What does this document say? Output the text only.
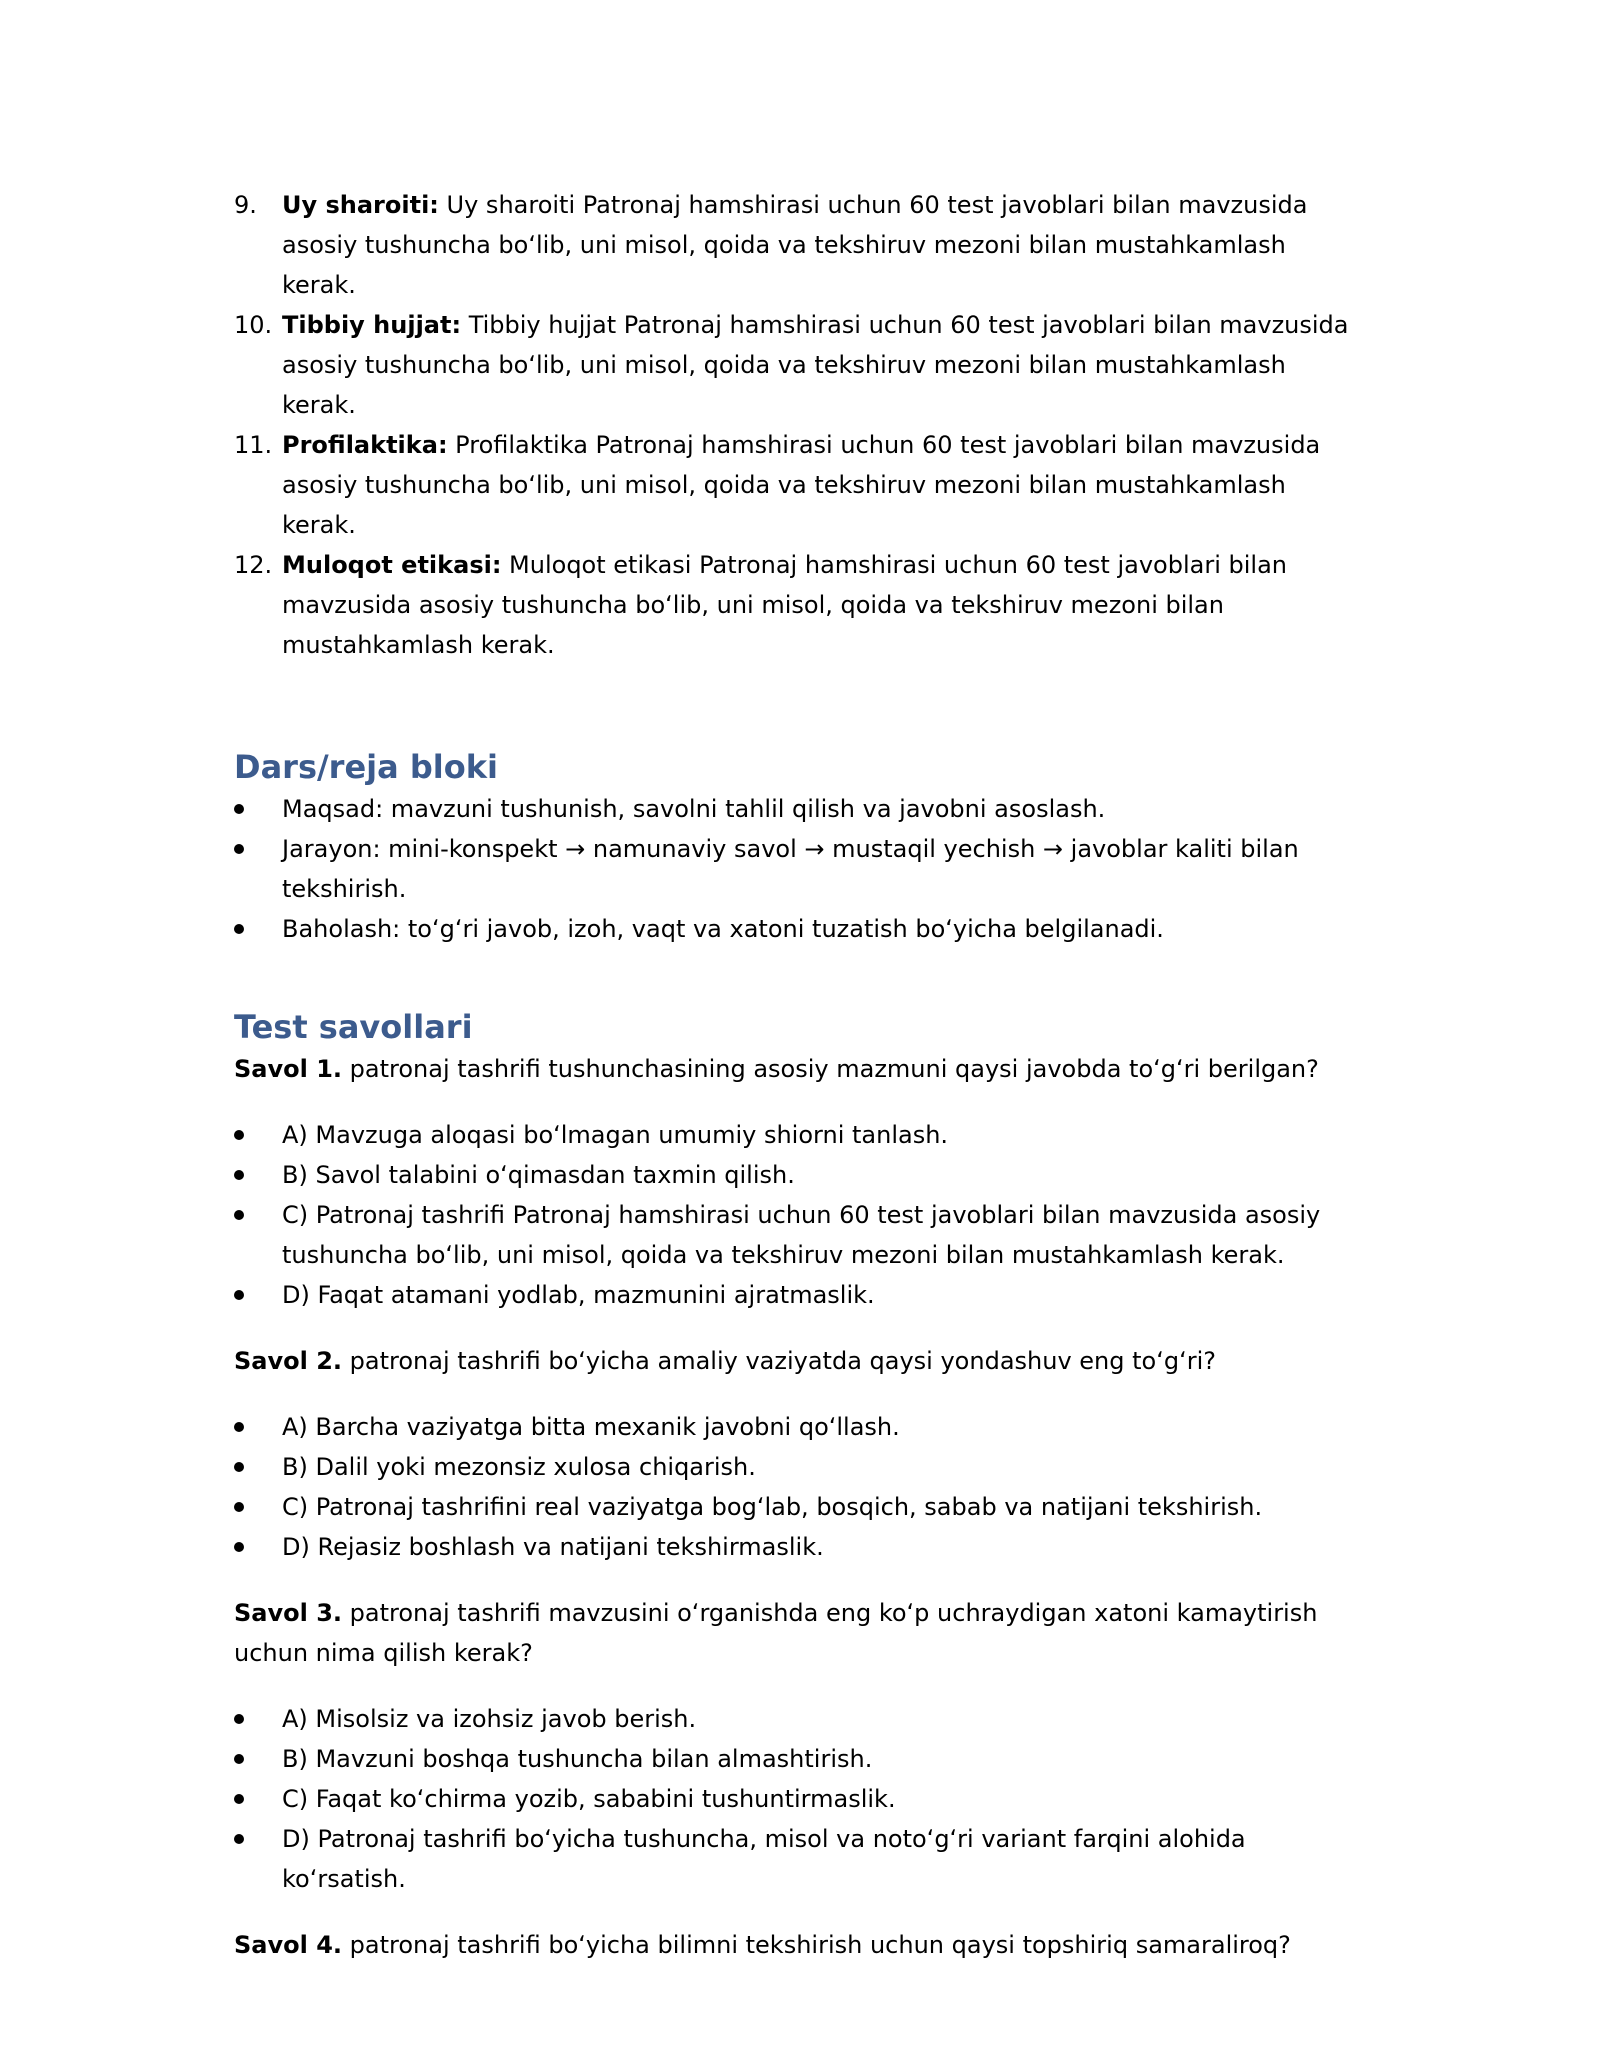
9. Uy sharoiti: Uy sharoiti Patronaj hamshirasi uchun 60 test javoblari bilan mavzusida asosiy tushuncha boʻlib, uni misol, qoida va tekshiruv mezoni bilan mustahkamlash kerak.
10. Tibbiy hujjat: Tibbiy hujjat Patronaj hamshirasi uchun 60 test javoblari bilan mavzusida asosiy tushuncha boʻlib, uni misol, qoida va tekshiruv mezoni bilan mustahkamlash kerak.
11. Profilaktika: Profilaktika Patronaj hamshirasi uchun 60 test javoblari bilan mavzusida asosiy tushuncha boʻlib, uni misol, qoida va tekshiruv mezoni bilan mustahkamlash kerak.
12. Muloqot etikasi: Muloqot etikasi Patronaj hamshirasi uchun 60 test javoblari bilan mavzusida asosiy tushuncha boʻlib, uni misol, qoida va tekshiruv mezoni bilan mustahkamlash kerak.
Dars/reja bloki
Maqsad: mavzuni tushunish, savolni tahlil qilish va javobni asoslash.
Jarayon: mini-konspekt → namunaviy savol → mustaqil yechish → javoblar kaliti bilan tekshirish.
Baholash: toʻgʻri javob, izoh, vaqt va xatoni tuzatish boʻyicha belgilanadi.
Test savollari

Savol 1. patronaj tashrifi tushunchasining asosiy mazmuni qaysi javobda toʻgʻri berilgan?

A) Mavzuga aloqasi boʻlmagan umumiy shiorni tanlash.
B) Savol talabini oʻqimasdan taxmin qilish.
C) Patronaj tashrifi Patronaj hamshirasi uchun 60 test javoblari bilan mavzusida asosiy tushuncha boʻlib, uni misol, qoida va tekshiruv mezoni bilan mustahkamlash kerak.
D) Faqat atamani yodlab, mazmunini ajratmaslik.

Savol 2. patronaj tashrifi boʻyicha amaliy vaziyatda qaysi yondashuv eng toʻgʻri?

A) Barcha vaziyatga bitta mexanik javobni qoʻllash.
B) Dalil yoki mezonsiz xulosa chiqarish.
C) Patronaj tashrifini real vaziyatga bogʻlab, bosqich, sabab va natijani tekshirish.
D) Rejasiz boshlash va natijani tekshirmaslik.

Savol 3. patronaj tashrifi mavzusini oʻrganishda eng koʻp uchraydigan xatoni kamaytirish uchun nima qilish kerak?

A) Misolsiz va izohsiz javob berish.
B) Mavzuni boshqa tushuncha bilan almashtirish.
C) Faqat koʻchirma yozib, sababini tushuntirmaslik.
D) Patronaj tashrifi boʻyicha tushuncha, misol va notoʻgʻri variant farqini alohida koʻrsatish.

Savol 4. patronaj tashrifi boʻyicha bilimni tekshirish uchun qaysi topshiriq samaraliroq?
